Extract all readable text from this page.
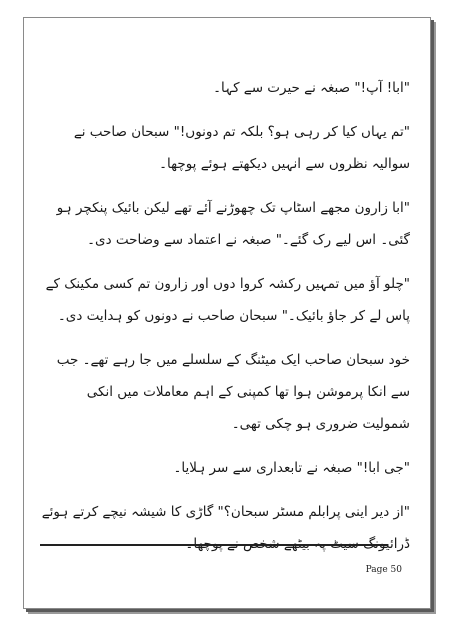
"ابا! آپ!" صبغہ نے حیرت سے کہا۔

"تم یہاں کیا کر رہی ہو؟ بلکہ تم دونوں!" سبحان صاحب نے سوالیہ نظروں سے انہیں دیکھتے ہوئے پوچھا۔

"ابا زارون مجھے اسٹاپ تک چھوڑنے آئے تھے لیکن بائیک پنکچر ہو گئی۔ اس لیے رک گئے۔" صبغہ نے اعتماد سے وضاحت دی۔

"چلو آؤ میں تمہیں رکشہ کروا دوں اور زارون تم کسی مکینک کے پاس لے کر جاؤ بائیک۔" سبحان صاحب نے دونوں کو ہدایت دی۔

خود سبحان صاحب ایک میٹنگ کے سلسلے میں جا رہے تھے۔ جب سے انکا پرموشن ہوا تھا کمپنی کے اہم معاملات میں انکی شمولیت ضروری ہو چکی تھی۔

"جی ابا!" صبغہ نے تابعداری سے سر ہلایا۔

"از دیر اینی پرابلم مسٹر سبحان؟" گاڑی کا شیشہ نیچے کرتے ہوئے ڈرائیونگ سیٹ پہ بیٹھے شخص نے پوچھا۔

Page 50
